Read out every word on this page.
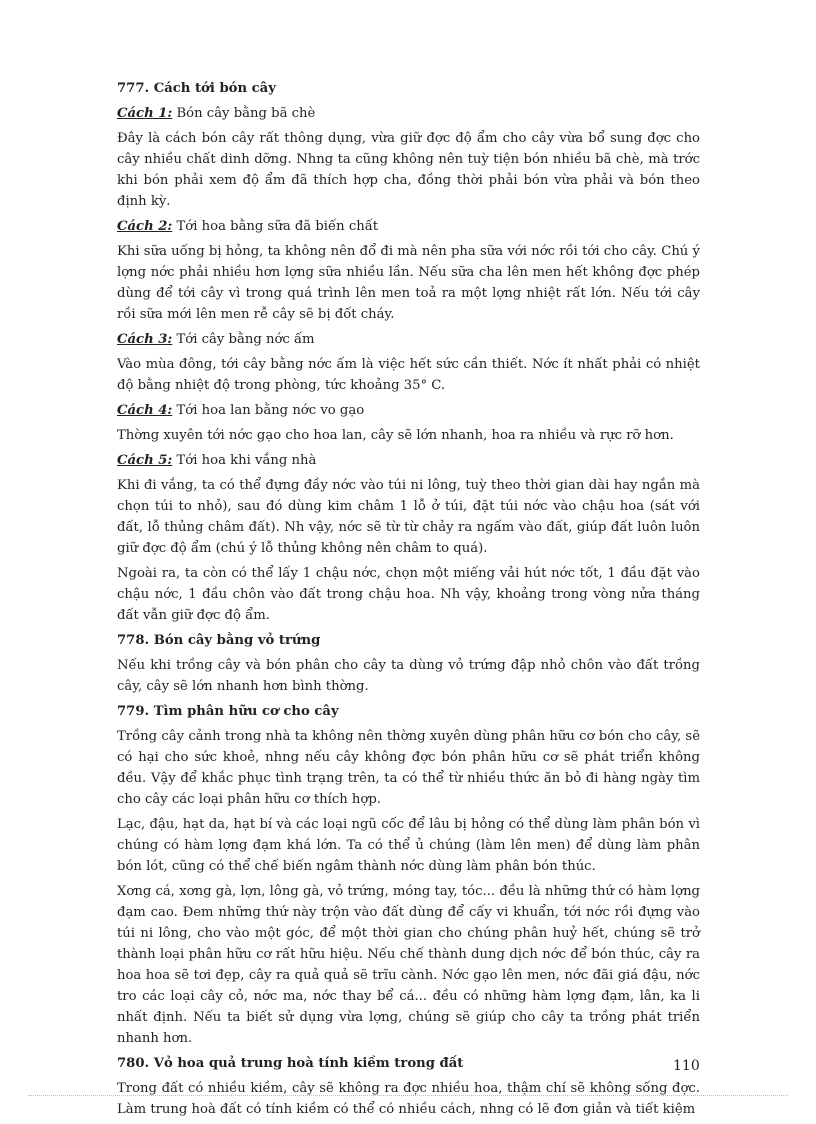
777. Cách tới bón cây
Cách 1: Bón cây bằng bã chè

Đây là cách bón cây rất thông dụng, vừa giữ đợc độ ẩm cho cây vừa bổ sung đợc cho cây nhiều chất dinh dỡng. Nhng ta cũng không nên tuỳ tiện bón nhiều bã chè, mà trớc khi bón phải xem độ ẩm đã thích hợp cha, đồng thời phải bón vừa phải và bón theo định kỳ.

Cách 2: Tới hoa bằng sữa đã biến chất

Khi sữa uống bị hỏng, ta không nên đổ đi mà nên pha sữa với nớc rồi tới cho cây. Chú ý lợng nớc phải nhiều hơn lợng sữa nhiều lần. Nếu sữa cha lên men hết không đợc phép dùng để tới cây vì trong quá trình lên men toả ra một lợng nhiệt rất lớn. Nếu tới cây rồi sữa mới lên men rễ cây sẽ bị đốt cháy.

Cách 3: Tới cây bằng nớc ấm

Vào mùa đông, tới cây bằng nớc ấm là việc hết sức cần thiết. Nớc ít nhất phải có nhiệt độ bằng nhiệt độ trong phòng, tức khoảng 35° C.

Cách 4: Tới hoa lan bằng nớc vo gạo

Thờng xuyên tới nớc gạo cho hoa lan, cây sẽ lớn nhanh, hoa ra nhiều và rực rỡ hơn.

Cách 5: Tới hoa khi vắng nhà

Khi đi vắng, ta có thể đựng đầy nớc vào túi ni lông, tuỳ theo thời gian dài hay ngắn mà chọn túi to nhỏ), sau đó dùng kim châm 1 lỗ ở túi, đặt túi nớc vào chậu hoa (sát với đất, lỗ thủng châm đất). Nh vậy, nớc sẽ từ từ chảy ra ngấm vào đất, giúp đất luôn luôn giữ đợc độ ẩm (chú ý lỗ thủng không nên châm to quá).

Ngoài ra, ta còn có thể lấy 1 chậu nớc, chọn một miếng vải hút nớc tốt, 1 đầu đặt vào chậu nớc, 1 đầu chôn vào đất trong chậu hoa. Nh vậy, khoảng trong vòng nửa tháng đất vẫn giữ đợc độ ẩm.

778. Bón cây bằng vỏ trứng

Nếu khi trồng cây và bón phân cho cây ta dùng vỏ trứng đập nhỏ chôn vào đất trồng cây, cây sẽ lớn nhanh hơn bình thờng.

779. Tìm phân hữu cơ cho cây

Trồng cây cảnh trong nhà ta không nên thờng xuyên dùng phân hữu cơ bón cho cây, sẽ có hại cho sức khoẻ, nhng nếu cây không đợc bón phân hữu cơ sẽ phát triển không đều. Vậy để khắc phục tình trạng trên, ta có thể từ nhiều thức ăn bỏ đi hàng ngày tìm cho cây các loại phân hữu cơ thích hợp.

Lạc, đậu, hạt da, hạt bí và các loại ngũ cốc để lâu bị hỏng có thể dùng làm phân bón vì chúng có hàm lợng đạm khá lớn. Ta có thể ủ chúng (làm lên men) để dùng làm phân bón lót, cũng có thể chế biến ngâm thành nớc dùng làm phân bón thúc.

Xơng cá, xơng gà, lợn, lông gà, vỏ trứng, móng tay, tóc... đều là những thứ có hàm lợng đạm cao. Đem những thứ này trộn vào đất dùng để cấy vi khuẩn, tới nớc rồi đựng vào túi ni lông, cho vào một góc, để một thời gian cho chúng phân huỷ hết, chúng sẽ trở thành loại phân hữu cơ rất hữu hiệu. Nếu chế thành dung dịch nớc để bón thúc, cây ra hoa hoa sẽ tơi đẹp, cây ra quả quả sẽ trĩu cành. Nớc gạo lên men, nớc đãi giá đậu, nớc tro các loại cây cỏ, nớc ma, nớc thay bể cá... đều có những hàm lợng đạm, lân, ka li nhất định. Nếu ta biết sử dụng vừa lợng, chúng sẽ giúp cho cây ta trồng phát triển nhanh hơn.

780. Vỏ hoa quả trung hoà tính kiềm trong đất

Trong đất có nhiều kiềm, cây sẽ không ra đợc nhiều hoa, thậm chí sẽ không sống đợc. Làm trung hoà đất có tính kiềm có thể có nhiều cách, nhng có lẽ đơn giản và tiết kiệm

110
